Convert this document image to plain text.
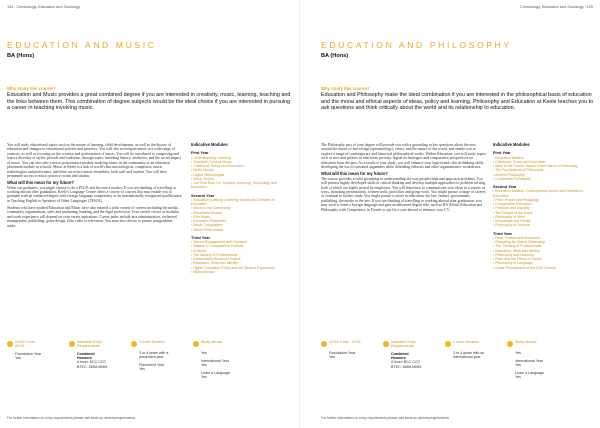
124|Criminology, Education and Sociology
EDUCATION AND MUSIC
BA (Hons)
Why study this course?

Education and Music provides a great combined degree if you are interested in creativity, music, learning, teaching and the links between them. This combination of degree subjects would be the ideal choice if you are interested in pursuing a career in teaching involving music.

You will study educational topics such as the nature of learning, child development, as well as the history of education and changes to educational policies and practices. You will also investigate music in a wide range of contexts, as well as focusing on the creation and performance of music. You will be introduced to composing and learn a diversity of styles, periods and traditions, through topics including history, aesthetics, and the social impact of music. You can also take a music performance module studying music in the community or an education placement module in schools. Music at Keele is a hub of world-class musicologists, composers, music technologists and performers, and there are active music ensembles, both staff and student. You will have permanent access to music practice rooms and studios.

What will this mean for my future?

When our graduates, you might choose to do a PGCE and become a teacher. If you are thinking of travelling or working abroad after graduation, Keele's Language Centre offers a variety of courses that may enable you to graduate with an enhanced degree with foreign language competency or an internationally recognised qualification in Teaching English to Speakers of Other Languages (TESOL).

Students who have studied Education and Music have also entered a wide variety of careers including the media, community organisations, sales and marketing, banking, and the legal profession. Your careful choice of modules and work experience will depend on your career aspirations. Career paths include arts administration, orchestral management, publishing, game design, film, radio or television. You may also choose to pursue postgraduate study.

Indicative Modules
First Year
• Understanding Learning
• Twentieth-Century Music
• Childhood, Policy and Education
• World Musics
• Digital Technologies
• Music Theory
• Get Your Ears On: Creative Listening, Technology and Education
Second Year
• Education (Lifelong Learning) Issues and Debates in Education
• Music in the Community
• Placement Module
• Film Music
• Education Placement
• Music Composition
• Music Performance
Third Year
• School Engagement and Outreach
• Radical or Comparative Portfolio
• of Music
• The Making of Professionals
• Independent Research Project
• Education, Work and Identity
• Higher Education Policy and the Student Experience
• World Musics
UCAS Code - WX3L
Foundation Year
Yes
Indicative Entry Requirements
Combined Honours
A level: BCC-CCC
BTEC: DMM-MMM
Course Duration
3 or 4 years with a placement year
Placement Year
Yes
Study abroad
Yes
International Year
Yes
Learn a Language
Yes
For further information on entry requirements please visit keele.ac.uk/entryrequirements
Criminology, Education and Sociology|125
EDUCATION AND PHILOSOPHY
BA (Hons)
Why study this course?

Education and Philosophy make the ideal combination if you are interested in the philosophical basis of education and the moral and ethical aspects of ideas, policy and learning. Philosophy and Education at Keele teaches you to ask questions and think critically about the world and its relationship to education.

The Philosophy part of your degree will provide you with a grounding in key questions about the area around the nature of knowledge (epistemology), ethics, and the nature of the world, and enable you to explore a range of contemporary and historical philosophical works. Within Education, you will study topics such as race and politics in education, poverty, digital technologies and comparative perspectives on education from the past. As a result of your study, you will enhance your logical and critical thinking skills, developing the use of reasoned arguments while defending fallacies and other argumentative weaknesses.

What will this mean for my future?

The course provides a solid grounding in understanding the way people think and approach problems. You will possess highly developed skills in critical thinking and develop multiple approaches to problem solving, both of which are highly prized by employers. You will learn how to communicate your ideas in a variety of ways, including presentations, written work, portfolios and group work. You might pursue a range of careers or continue to further study. You might pursue a career in education, the law, finance, government, publishing, the media or the arts. If you are thinking of travelling or working abroad after graduation, you may wish to learn a foreign language and gain an enhanced degree title, such as BA (Hons) Education and Philosophy with Competency in French or opt for a year abroad to enhance your CV.

Indicative Modules
First Year
• Education Matters
• Childhood, Policy and Education
• Back to the Future: Issues in the History of Schooling
• The Foundations of Philosophy
• Ancient Philosophy
• Continental Philosophy
Second Year
• Education Matters: Contemporary Issues and Debates in Education
• Plato: Power and Pedagogy
• Comparative Education
• Freedom and Equality
• The Pursuit of the Good
• Philosophy of Mind
• Knowledge and Reality
• Philosophy of Science
Third Year
• Race, Politics and Education
• Educating for Global Citizenship
• The Thinking of Professionals
• Education, Work and Identity
• Philosophy and Learning
• Race and the Ethics of Nature
• Philosophy of Language
• Great Philosophers of the 20th Century
UCAS Code - XV35
Foundation Year
Yes
Indicative Entry Requirements
Combined Honours
A level: BCC-CCC
BTEC: DMM-MMM
Course Duration
3 or 4 years with an international year
Study abroad
Yes
International Year
Yes
Learn a Language
Yes
For further information on entry requirements please visit keele.ac.uk/entryrequirements
